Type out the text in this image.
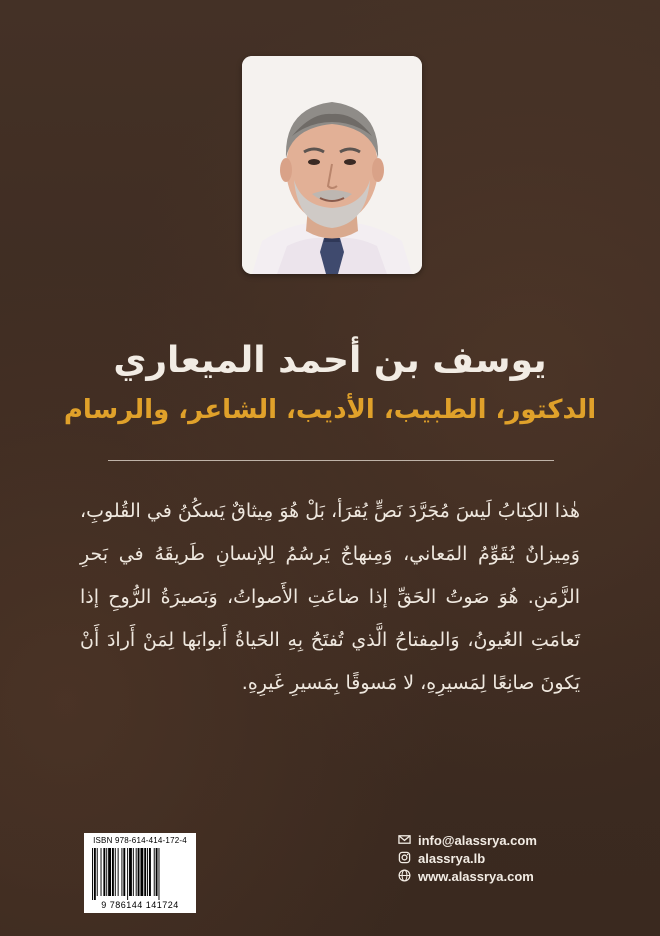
يوسف بن أحمد الميعاري
الدكتور، الطبيب، الأديب، الشاعر، والرسام
هٰذا الكِتابُ لَيسَ مُجَرَّدَ نَصٍّ يُقرَأ، بَلْ هُوَ مِيثاقٌ يَسكُنُ في القُلوبِ، وَمِيزانٌ يُقَوِّمُ المَعاني، وَمِنهاجٌ يَرسُمُ لِلإنسانِ طَريقَهُ في بَحرِ الزَّمَنِ. هُوَ صَوتُ الحَقِّ إذا ضاعَتِ الأَصواتُ، وَبَصيرَةُ الرُّوحِ إذا تَعامَتِ العُيونُ، وَالمِفتاحُ الَّذي تُفتَحُ بِهِ الحَياةُ أَبوابَها لِمَنْ أَرادَ أَنْ يَكونَ صانِعًا لِمَسيرِهِ، لا مَسوقًا بِمَسيرِ غَيرِهِ.
ISBN 978-614-414-172-4
9 786144 141724
info@alassrya.com
alassrya.lb
www.alassrya.com
